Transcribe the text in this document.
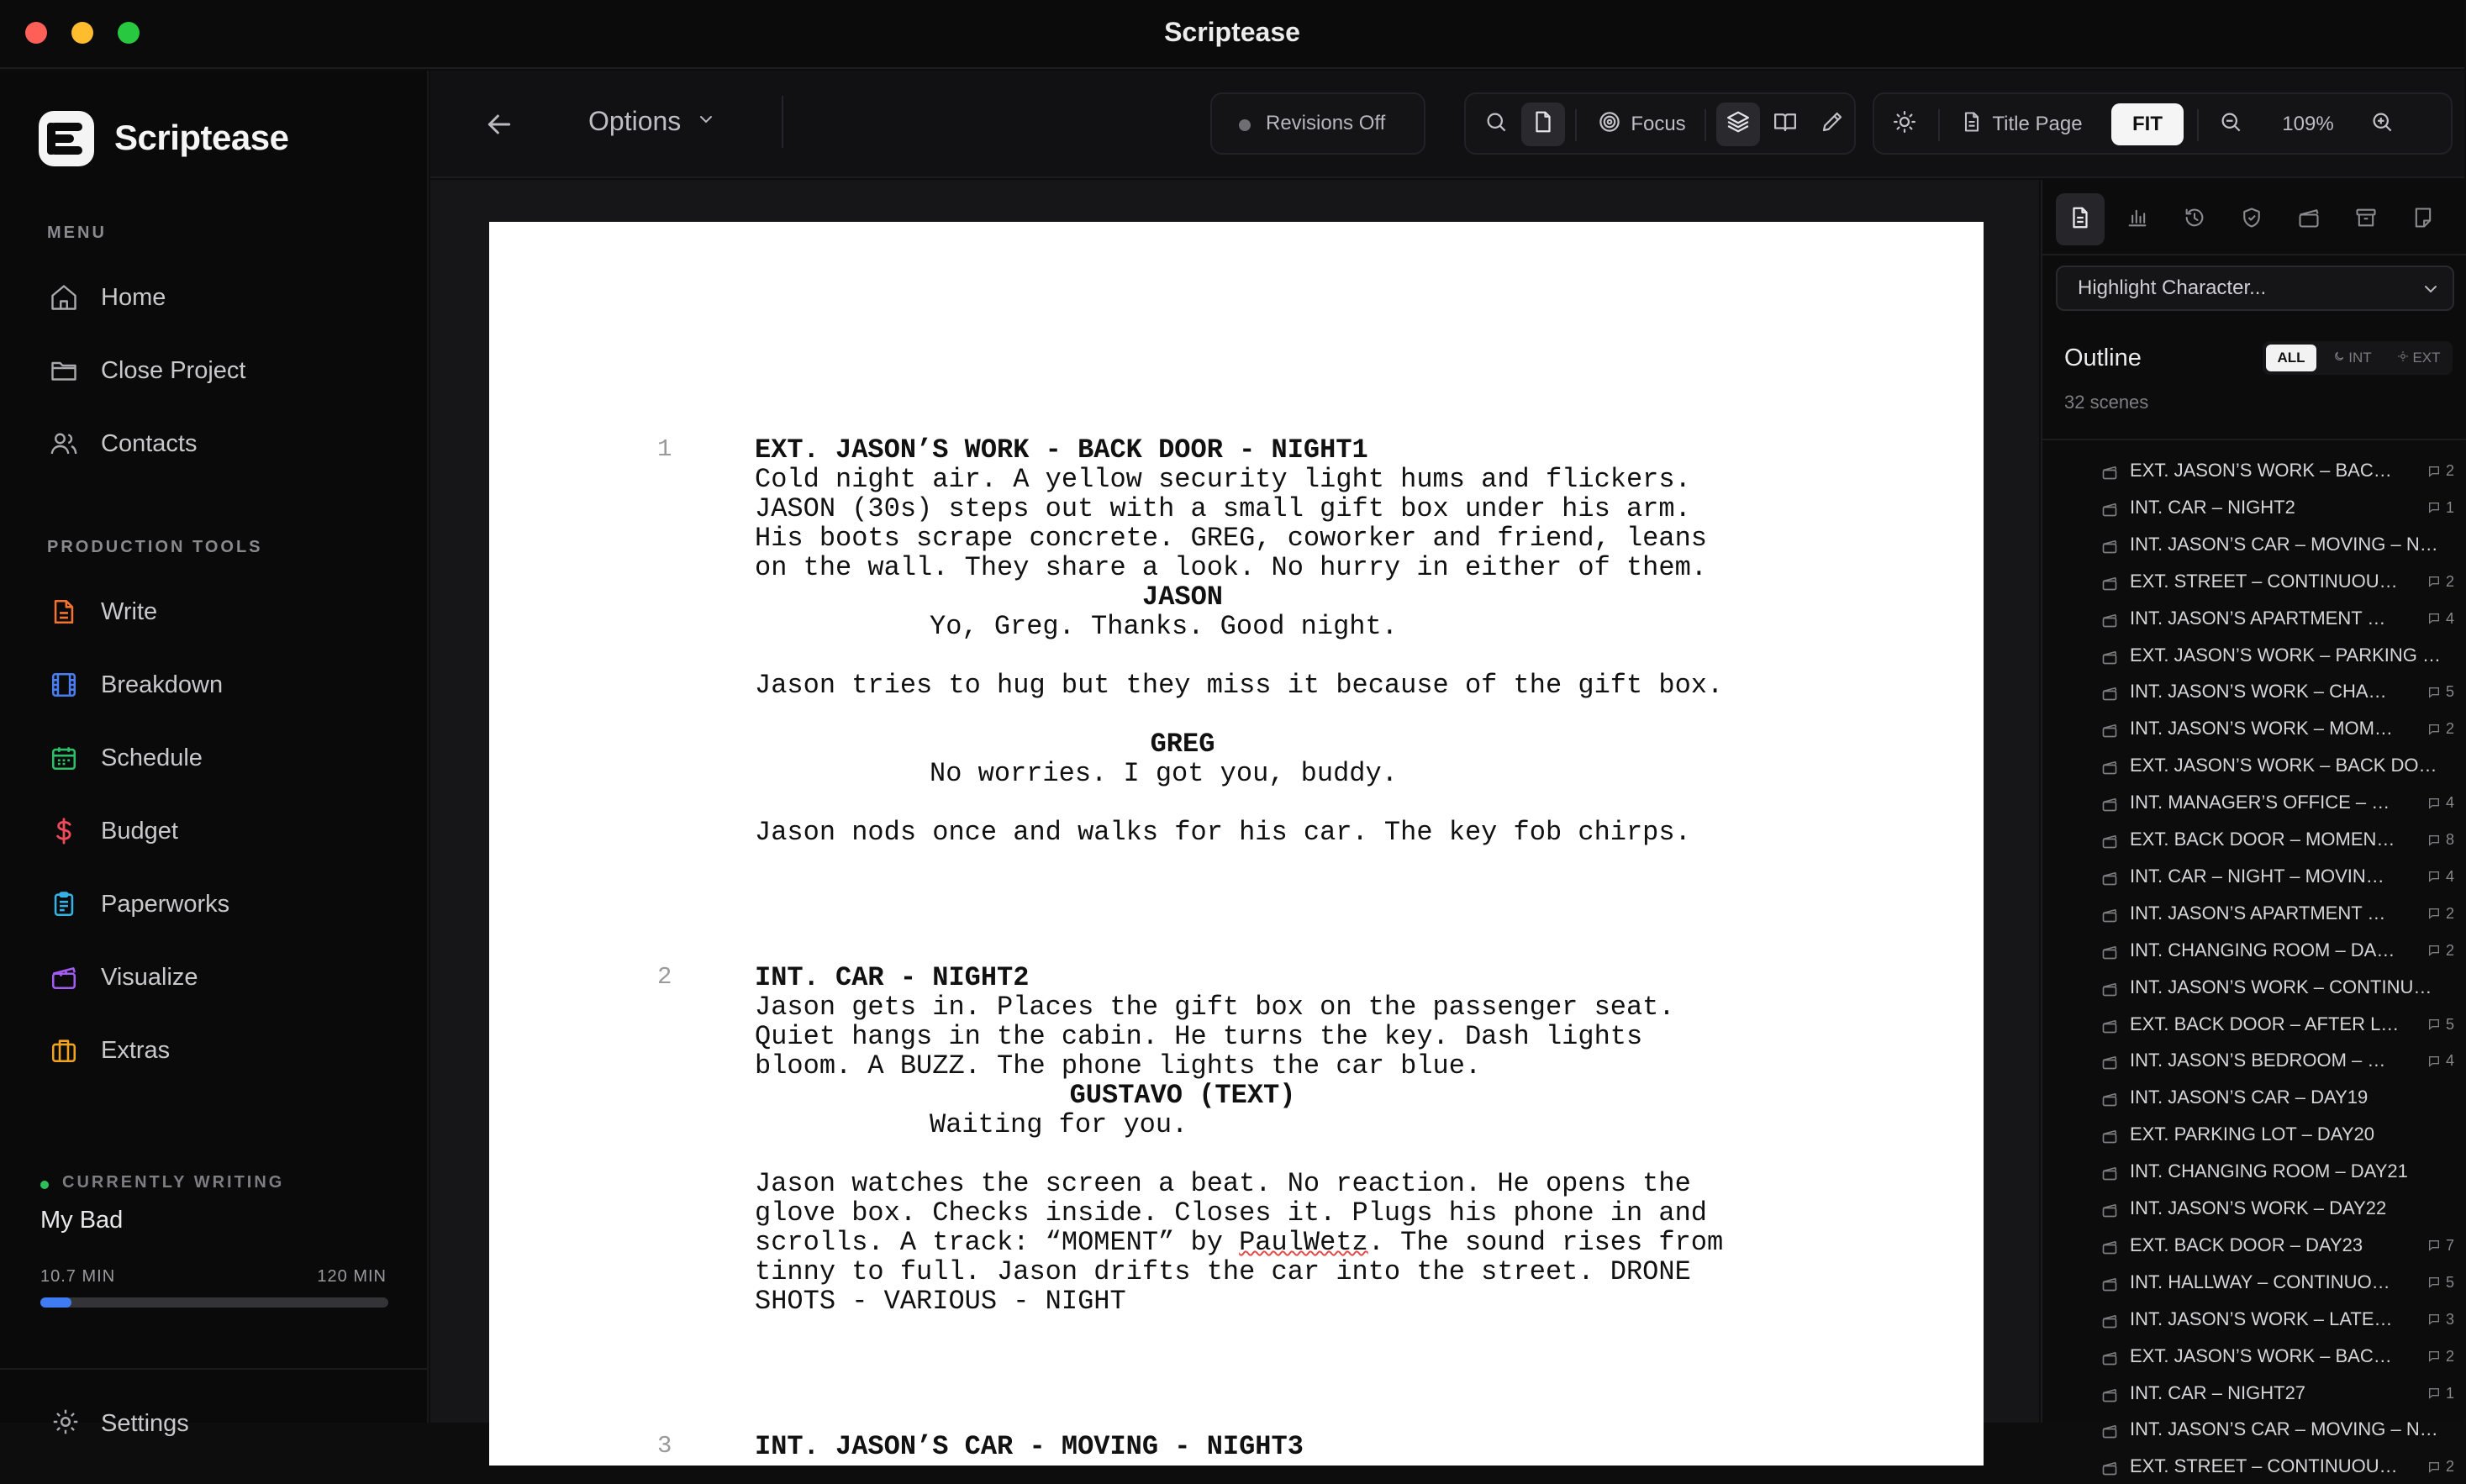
Scriptease
Scriptease
MENU
Home
Close Project
Contacts
PRODUCTION TOOLS
Write
Breakdown
Schedule
Budget
Paperworks
Visualize
Extras
CURRENTLY WRITING
My Bad
10.7 MIN	120 MIN
Settings
Options	Revisions Off	Focus	Title Page	FIT	109%
1	EXT. JASON’S WORK - BACK DOOR - NIGHT1
Cold night air. A yellow security light hums and flickers.
JASON (30s) steps out with a small gift box under his arm.
His boots scrape concrete. GREG, coworker and friend, leans
on the wall. They share a look. No hurry in either of them.
JASON
Yo, Greg. Thanks. Good night.
Jason tries to hug but they miss it because of the gift box.
GREG
No worries. I got you, buddy.
Jason nods once and walks for his car. The key fob chirps.
2	INT. CAR - NIGHT2
Jason gets in. Places the gift box on the passenger seat.
Quiet hangs in the cabin. He turns the key. Dash lights
bloom. A BUZZ. The phone lights the car blue.
GUSTAVO (TEXT)
Waiting for you.
Jason watches the screen a beat. No reaction. He opens the
glove box. Checks inside. Closes it. Plugs his phone in and
scrolls. A track: “MOMENT” by PaulWetz. The sound rises from
tinny to full. Jason drifts the car into the street. DRONE
SHOTS - VARIOUS - NIGHT
3	INT. JASON’S CAR - MOVING - NIGHT3
Highlight Character...
Outline
32 scenes
ALL	INT	EXT
EXT. JASON’S WORK – BAC…	2
INT. CAR – NIGHT2	1
INT. JASON’S CAR – MOVING – N…
EXT. STREET – CONTINUOU…	2
INT. JASON’S APARTMENT …	4
EXT. JASON’S WORK – PARKING …
INT. JASON’S WORK – CHA…	5
INT. JASON’S WORK – MOM…	2
EXT. JASON’S WORK – BACK DO…
INT. MANAGER’S OFFICE – …	4
EXT. BACK DOOR – MOMEN…	8
INT. CAR – NIGHT – MOVIN…	4
INT. JASON’S APARTMENT …	2
INT. CHANGING ROOM – DA…	2
INT. JASON’S WORK – CONTINU…
EXT. BACK DOOR – AFTER L…	5
INT. JASON’S BEDROOM – …	4
INT. JASON’S CAR – DAY19
EXT. PARKING LOT – DAY20
INT. CHANGING ROOM – DAY21
INT. JASON’S WORK – DAY22
EXT. BACK DOOR – DAY23	7
INT. HALLWAY – CONTINUO…	5
INT. JASON’S WORK – LATE…	3
EXT. JASON’S WORK – BAC…	2
INT. CAR – NIGHT27	1
INT. JASON’S CAR – MOVING – N…
EXT. STREET – CONTINUOU…	2
